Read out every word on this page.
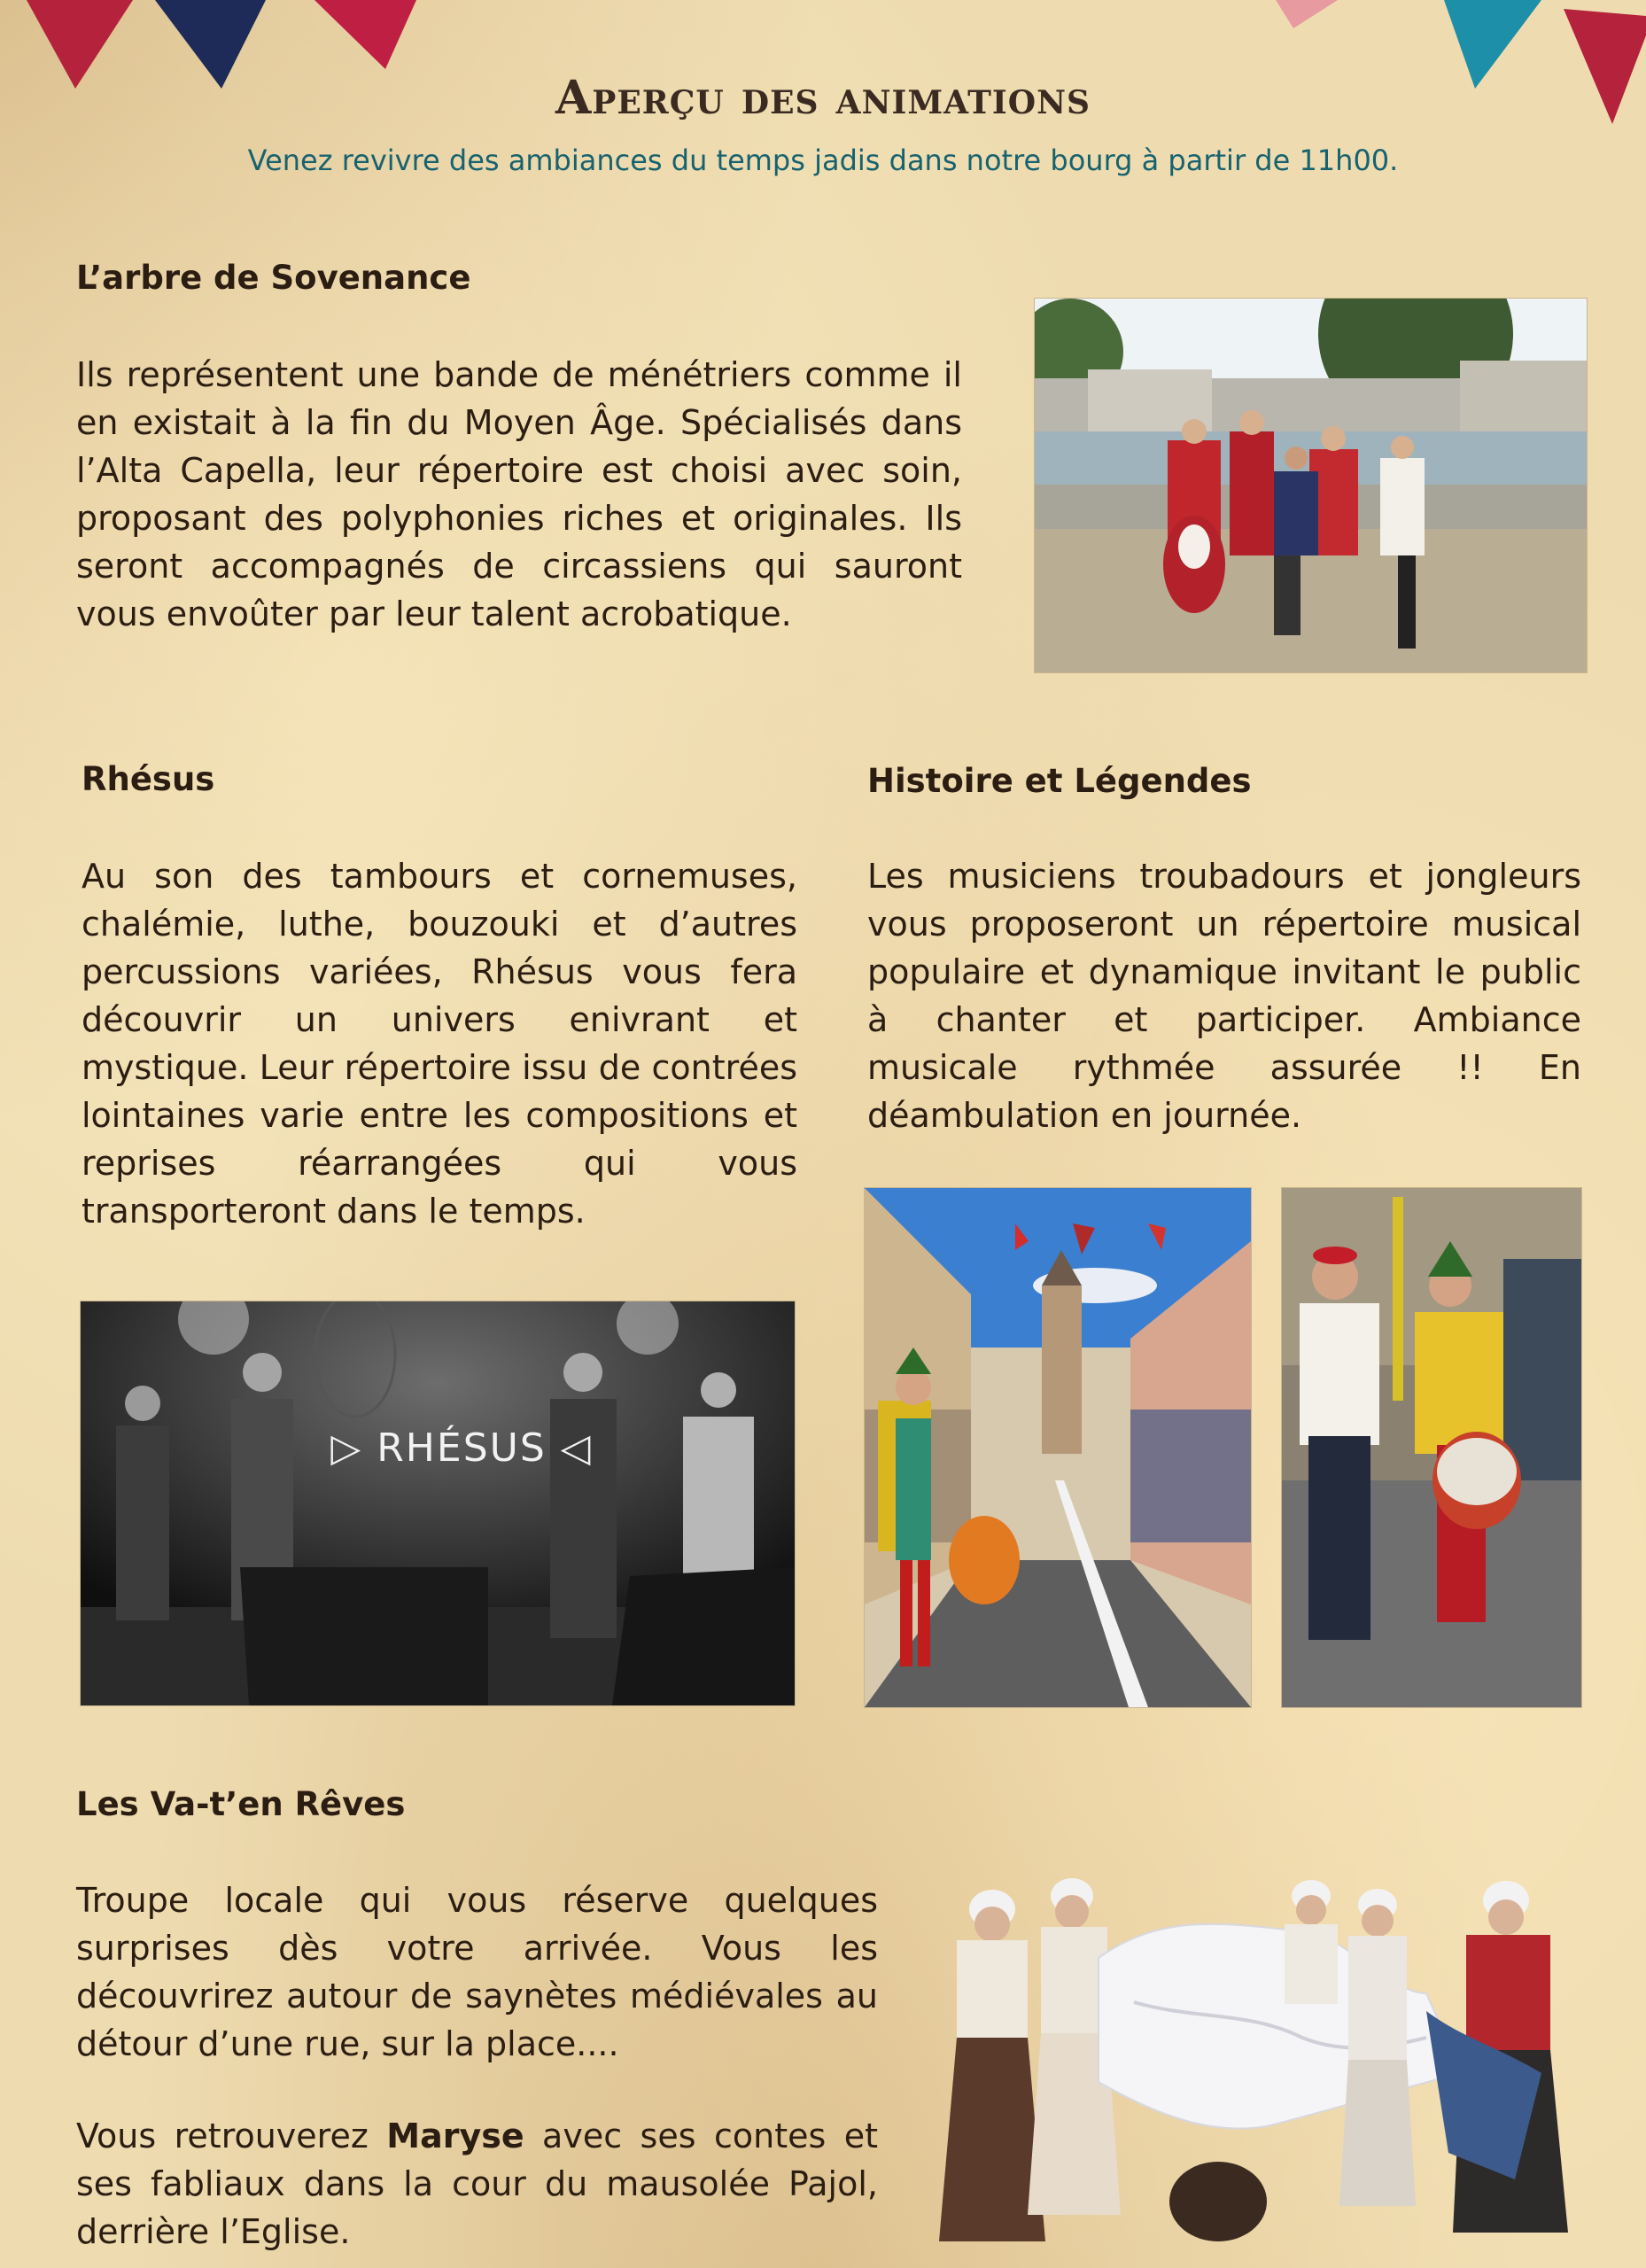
Aperçu des animations
Venez revivre des ambiances du temps jadis dans notre bourg à partir de 11h00.
L’arbre de Sovenance

Ils représentent une bande de ménétriers comme il en existait à la fin du Moyen Âge. Spécialisés dans l’Alta Capella, leur répertoire est choisi avec soin, proposant des polyphonies riches et originales. Ils seront accompagnés de circassiens qui sauront vous envoûter par leur talent acrobatique.

Rhésus

Au son des tambours et cornemuses, chalémie, luthe, bouzouki et d’autres percussions variées, Rhésus vous fera découvrir un univers enivrant et mystique. Leur répertoire issu de contrées lointaines varie entre les compositions et reprises réarrangées qui vous transporteront dans le temps.

▷ RHÉSUS ◁
Histoire et Légendes

Les musiciens troubadours et jongleurs vous proposeront un répertoire musical populaire et dynamique invitant le public à chanter et participer. Ambiance musicale rythmée assurée !! En déambulation en journée.

Les Va-t’en Rêves

Troupe locale qui vous réserve quelques surprises dès votre arrivée. Vous les découvrirez autour de saynètes médiévales au détour d’une rue, sur la place....

Vous retrouverez Maryse avec ses contes et ses fabliaux dans la cour du mausolée Pajol, derrière l’Eglise.
